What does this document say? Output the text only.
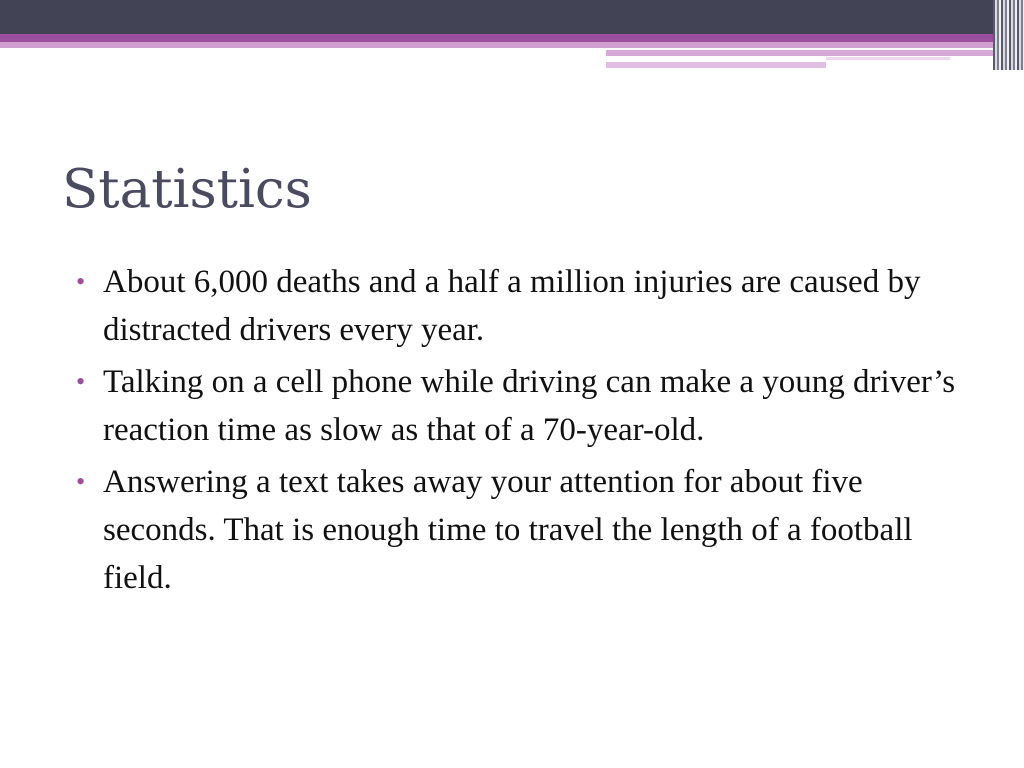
Statistics
• About 6,000 deaths and a half a million injuries are caused by distracted drivers every year.
• Talking on a cell phone while driving can make a young driver’s reaction time as slow as that of a 70-year-old.
• Answering a text takes away your attention for about five seconds. That is enough time to travel the length of a football field.
